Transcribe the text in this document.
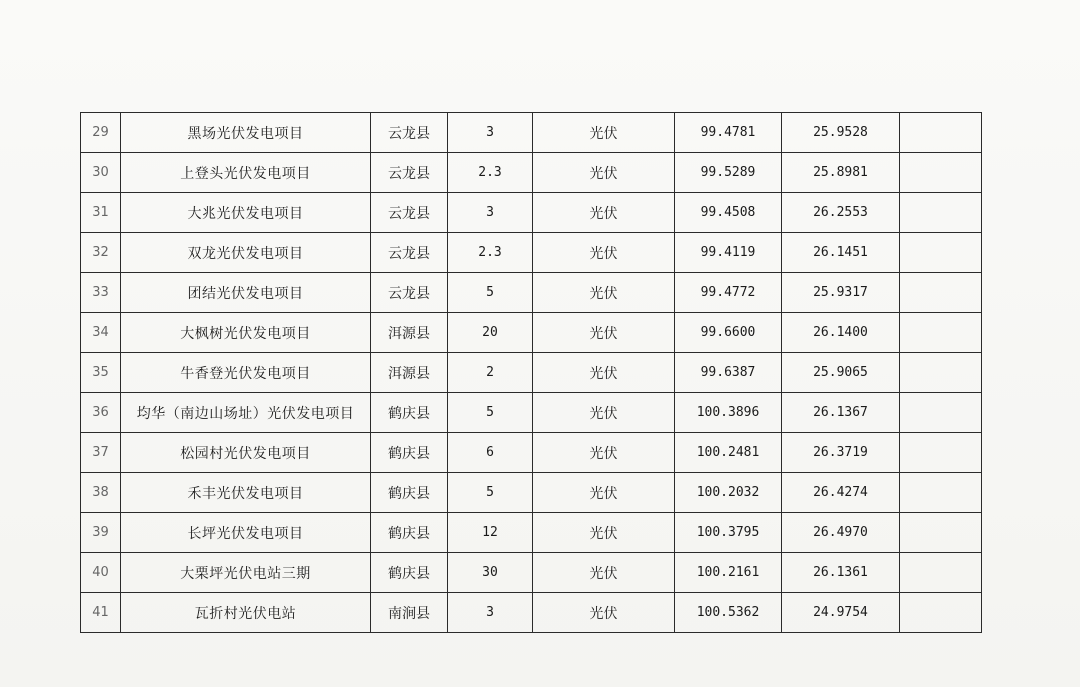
29	黑场光伏发电项目	云龙县	3	光伏	99.4781	25.9528	
30	上登头光伏发电项目	云龙县	2.3	光伏	99.5289	25.8981	
31	大兆光伏发电项目	云龙县	3	光伏	99.4508	26.2553	
32	双龙光伏发电项目	云龙县	2.3	光伏	99.4119	26.1451	
33	团结光伏发电项目	云龙县	5	光伏	99.4772	25.9317	
34	大枫树光伏发电项目	洱源县	20	光伏	99.6600	26.1400	
35	牛香登光伏发电项目	洱源县	2	光伏	99.6387	25.9065	
36	均华（南边山场址）光伏发电项目	鹤庆县	5	光伏	100.3896	26.1367	
37	松园村光伏发电项目	鹤庆县	6	光伏	100.2481	26.3719	
38	禾丰光伏发电项目	鹤庆县	5	光伏	100.2032	26.4274	
39	长坪光伏发电项目	鹤庆县	12	光伏	100.3795	26.4970	
40	大栗坪光伏电站三期	鹤庆县	30	光伏	100.2161	26.1361	
41	瓦折村光伏电站	南涧县	3	光伏	100.5362	24.9754	
